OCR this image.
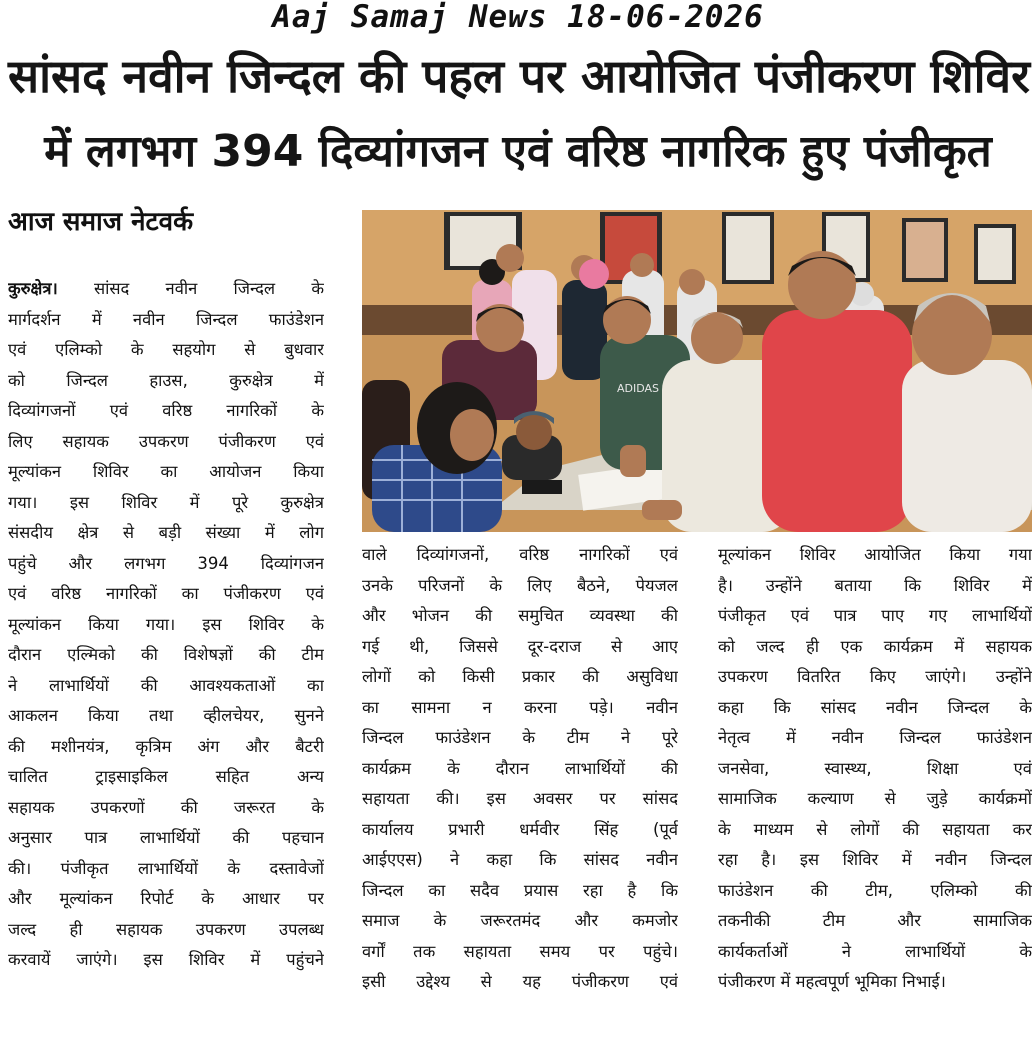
Aaj Samaj News 18-06-2026
सांसद नवीन जिन्दल की पहल पर आयोजित पंजीकरण शिविर
में लगभग 394 दिव्यांगजन एवं वरिष्ठ नागरिक हुए पंजीकृत
आज समाज नेटवर्क
कुरुक्षेत्र। सांसद नवीन जिन्दल के
मार्गदर्शन में नवीन जिन्दल फाउंडेशन
एवं एलिम्को के सहयोग से बुधवार
को जिन्दल हाउस, कुरुक्षेत्र में
दिव्यांगजनों एवं वरिष्ठ नागरिकों के
लिए सहायक उपकरण पंजीकरण एवं
मूल्यांकन शिविर का आयोजन किया
गया। इस शिविर में पूरे कुरुक्षेत्र
संसदीय क्षेत्र से बड़ी संख्या में लोग
पहुंचे और लगभग 394 दिव्यांगजन
एवं वरिष्ठ नागरिकों का पंजीकरण एवं
मूल्यांकन किया गया। इस शिविर के
दौरान एल्मिको की विशेषज्ञों की टीम
ने लाभार्थियों की आवश्यकताओं का
आकलन किया तथा व्हीलचेयर, सुनने
की मशीनयंत्र, कृत्रिम अंग और बैटरी
चालित ट्राइसाइकिल सहित अन्य
सहायक उपकरणों की जरूरत के
अनुसार पात्र लाभार्थियों की पहचान
की। पंजीकृत लाभार्थियों के दस्तावेजों
और मूल्यांकन रिपोर्ट के आधार पर
जल्द ही सहायक उपकरण उपलब्ध
करवायें जाएंगे। इस शिविर में पहुंचने
ADIDAS
वाले दिव्यांगजनों, वरिष्ठ नागरिकों एवं
उनके परिजनों के लिए बैठने, पेयजल
और भोजन की समुचित व्यवस्था की
गई थी, जिससे दूर-दराज से आए
लोगों को किसी प्रकार की असुविधा
का सामना न करना पड़े। नवीन
जिन्दल फाउंडेशन के टीम ने पूरे
कार्यक्रम के दौरान लाभार्थियों की
सहायता की। इस अवसर पर सांसद
कार्यालय प्रभारी धर्मवीर सिंह (पूर्व
आईएएस) ने कहा कि सांसद नवीन
जिन्दल का सदैव प्रयास रहा है कि
समाज के जरूरतमंद और कमजोर
वर्गों तक सहायता समय पर पहुंचे।
इसी उद्देश्य से यह पंजीकरण एवं
मूल्यांकन शिविर आयोजित किया गया
है। उन्होंने बताया कि शिविर में
पंजीकृत एवं पात्र पाए गए लाभार्थियों
को जल्द ही एक कार्यक्रम में सहायक
उपकरण वितरित किए जाएंगे। उन्होंने
कहा कि सांसद नवीन जिन्दल के
नेतृत्व में नवीन जिन्दल फाउंडेशन
जनसेवा, स्वास्थ्य, शिक्षा एवं
सामाजिक कल्याण से जुड़े कार्यक्रमों
के माध्यम से लोगों की सहायता कर
रहा है। इस शिविर में नवीन जिन्दल
फाउंडेशन की टीम, एलिम्को की
तकनीकी टीम और सामाजिक
कार्यकर्ताओं ने लाभार्थियों के
पंजीकरण में महत्वपूर्ण भूमिका निभाई।
